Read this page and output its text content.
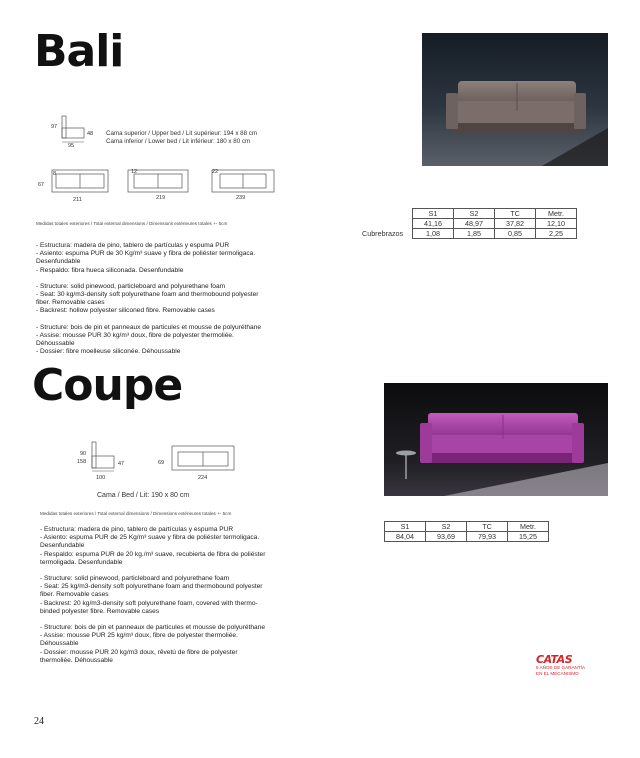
Bali
97
48
95
Cama superior / Upper bed / Lit supérieur: 194 x 88 cm
Cama inferior / Lower bed / Lit inférieur: 180 x 80 cm
67
8	12	22
211	219	239
Medidas totales exteriores / Total external dimensions / Dimensions extérieures totales +- 5cm

- Estructura: madera de pino, tablero de partículas y espuma PUR

- Asiento: espuma PUR de 30 Kg/m³ suave y fibra de poliéster termoligaca.

Desenfundable

- Respaldo: fibra hueca siliconada. Desenfundable

- Structure: solid pinewood, particleboard and polyurethane foam

- Seat: 30 kg/m3-density soft polyurethane foam and thermobound polyester

fiber. Removable cases

- Backrest: hollow polyester siliconed fibre. Removable cases

- Structure: bois de pin et panneaux de particules et mousse de polyuréthane

- Assise: mousse PUR 30 kg/m³ doux, fibre de polyester thermoliée.

Déhoussable

- Dossier: fibre moelleuse siliconée. Déhoussable

	S1	S2	TC	Metr.
	41,16	48,97	37,82	12,10
Cubrebrazos	1,08	1,85	0,85	2,25
Coupe
90
158	47
100
69
224
Cama / Bed / Lit: 190 x 80 cm
Medidas totales exteriores / Total external dimensions / Dimensions extérieures totales +- 5cm

- Estructura: madera de pino, tablero de partículas y espuma PUR

- Asiento: espuma PUR de 25 Kg/m³ suave y fibra de poliéster termoligaca.

Desenfundable

- Respaldo: espuma PUR de 20 kg./m³ suave, recubierta de fibra de poliéster

termoligada. Desenfundable

- Structure: solid pinewood, particleboard and polyurethane foam

- Seat: 25 kg/m3-density soft polyurethane foam and thermobound polyester

fiber. Removable cases

- Backrest: 20 kg/m3-density soft polyurethane foam, covered with thermo-

binded polyester fibre. Removable cases

- Structure: bois de pin et panneaux de particules et mousse de polyuréthane

- Assise: mousse PUR 25 kg/m³ doux, fibre de polyester thermoliée.

Déhoussable

- Dossier: mousse PUR 20 kg/m3 doux, rêvetú de fibre de polyester

thermoliée. Déhoussable

S1	S2	TC	Metr.
84,04	93,69	79,93	15,25
CATAS
5 AÑOS DE GARANTÍA
EN EL MECANISMO
24
